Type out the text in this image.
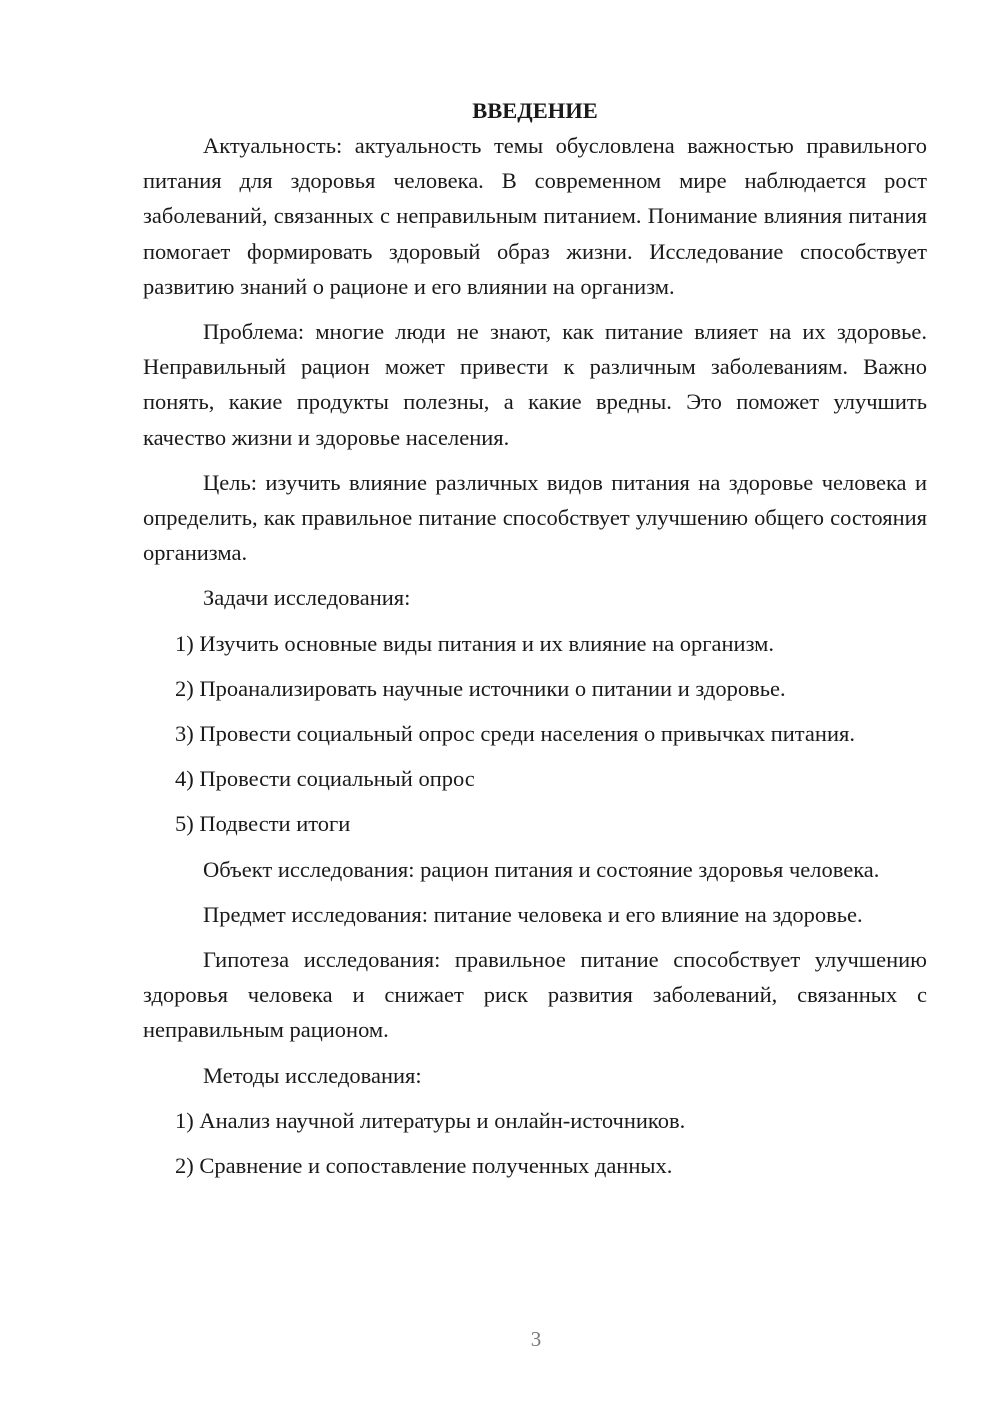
ВВЕДЕНИЕ

Актуальность: актуальность темы обусловлена важностью правильного питания для здоровья человека. В современном мире наблюдается рост заболеваний, связанных с неправильным питанием. Понимание влияния питания помогает формировать здоровый образ жизни. Исследование способствует развитию знаний о рационе и его влиянии на организм.

Проблема: многие люди не знают, как питание влияет на их здоровье. Неправильный рацион может привести к различным заболеваниям. Важно понять, какие продукты полезны, а какие вредны. Это поможет улучшить качество жизни и здоровье населения.

Цель: изучить влияние различных видов питания на здоровье человека и определить, как правильное питание способствует улучшению общего состояния организма.

Задачи исследования:

1) Изучить основные виды питания и их влияние на организм.

2) Проанализировать научные источники о питании и здоровье.

3) Провести социальный опрос среди населения о привычках питания.

4) Провести социальный опрос

5) Подвести итоги

Объект исследования: рацион питания и состояние здоровья человека.

Предмет исследования: питание человека и его влияние на здоровье.

Гипотеза исследования: правильное питание способствует улучшению здоровья человека и снижает риск развития заболеваний, связанных с неправильным рационом.

Методы исследования:

1) Анализ научной литературы и онлайн-источников.

2) Сравнение и сопоставление полученных данных.

3
